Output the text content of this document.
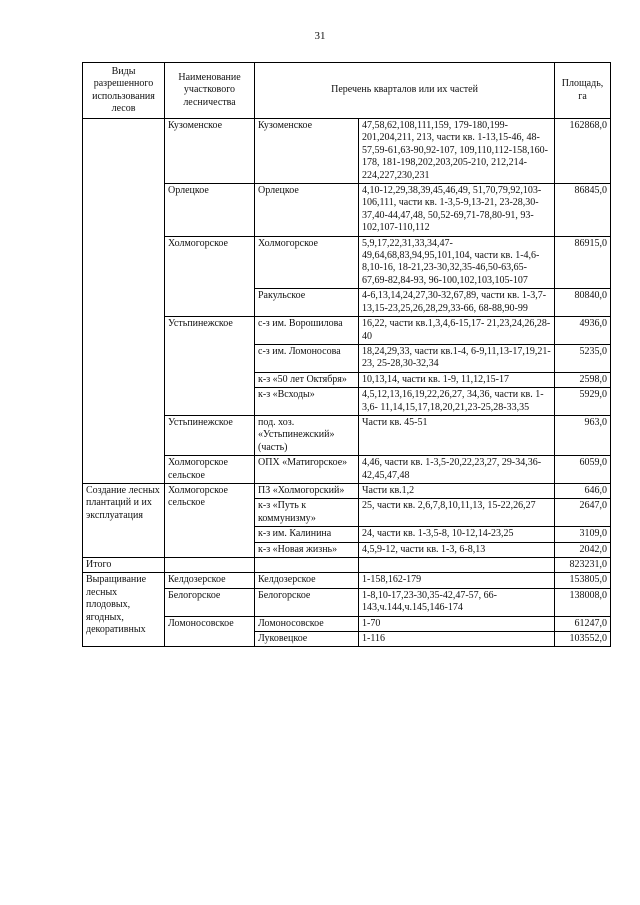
31
Виды разрешенного использования лесов	Наименование участкового лесничества	Перечень кварталов или их частей		Площадь, га
	Кузоменское	Кузоменское	47,58,62,108,111,159, 179-180,199-201,204,211, 213, части кв. 1-13,15-46, 48-57,59-61,63-90,92-107, 109,110,112-158,160-178, 181-198,202,203,205-210, 212,214-224,227,230,231	162868,0
	Орлецкое	Орлецкое	4,10-12,29,38,39,45,46,49, 51,70,79,92,103-106,111, части кв. 1-3,5-9,13-21, 23-28,30-37,40-44,47,48, 50,52-69,71-78,80-91, 93-102,107-110,112	86845,0
	Холмогорское	Холмогорское	5,9,17,22,31,33,34,47- 49,64,68,83,94,95,101,104, части кв. 1-4,6-8,10-16, 18-21,23-30,32,35-46,50-63,65- 67,69-82,84-93, 96-100,102,103,105-107	86915,0
		Ракульское	4-6,13,14,24,27,30-32,67,89, части кв. 1-3,7-13,15-23,25,26,28,29,33-66, 68-88,90-99	80840,0
	Устьпинежское	с-з им. Ворошилова	16,22, части кв.1,3,4,6-15,17- 21,23,24,26,28-40	4936,0
		с-з им. Ломоносова	18,24,29,33, части кв.1-4, 6-9,11,13-17,19,21-23, 25-28,30-32,34	5235,0
		к-з «50 лет Октября»	10,13,14, части кв. 1-9, 11,12,15-17	2598,0
		к-з «Всходы»	4,5,12,13,16,19,22,26,27, 34,36, части кв. 1-3,6- 11,14,15,17,18,20,21,23-25,28-33,35	5929,0
	Устьпинежское	под. хоз. «Устьпинежский» (часть)	Части кв. 45-51	963,0
	Холмогорское сельское	ОПХ «Матигорское»	4,46, части кв. 1-3,5-20,22,23,27, 29-34,36-42,45,47,48	6059,0
Создание лесных плантаций и их эксплуатация	Холмогорское сельское	ПЗ «Холмогорский»	Части кв.1,2	646,0
		к-з «Путь к коммунизму»	25, части кв. 2,6,7,8,10,11,13, 15-22,26,27	2647,0
		к-з им. Калинина	24, части кв. 1-3,5-8, 10-12,14-23,25	3109,0
		к-з «Новая жизнь»	4,5,9-12, части кв. 1-3, 6-8,13	2042,0
Итого				823231,0
Выращивание лесных плодовых, ягодных, декоративных	Келдозерское	Келдозерское	1-158,162-179	153805,0
	Белогорское	Белогорское	1-8,10-17,23-30,35-42,47-57, 66-143,ч.144,ч.145,146-174	138008,0
	Ломоносовское	Ломоносовское	1-70	61247,0
		Луковецкое	1-116	103552,0
